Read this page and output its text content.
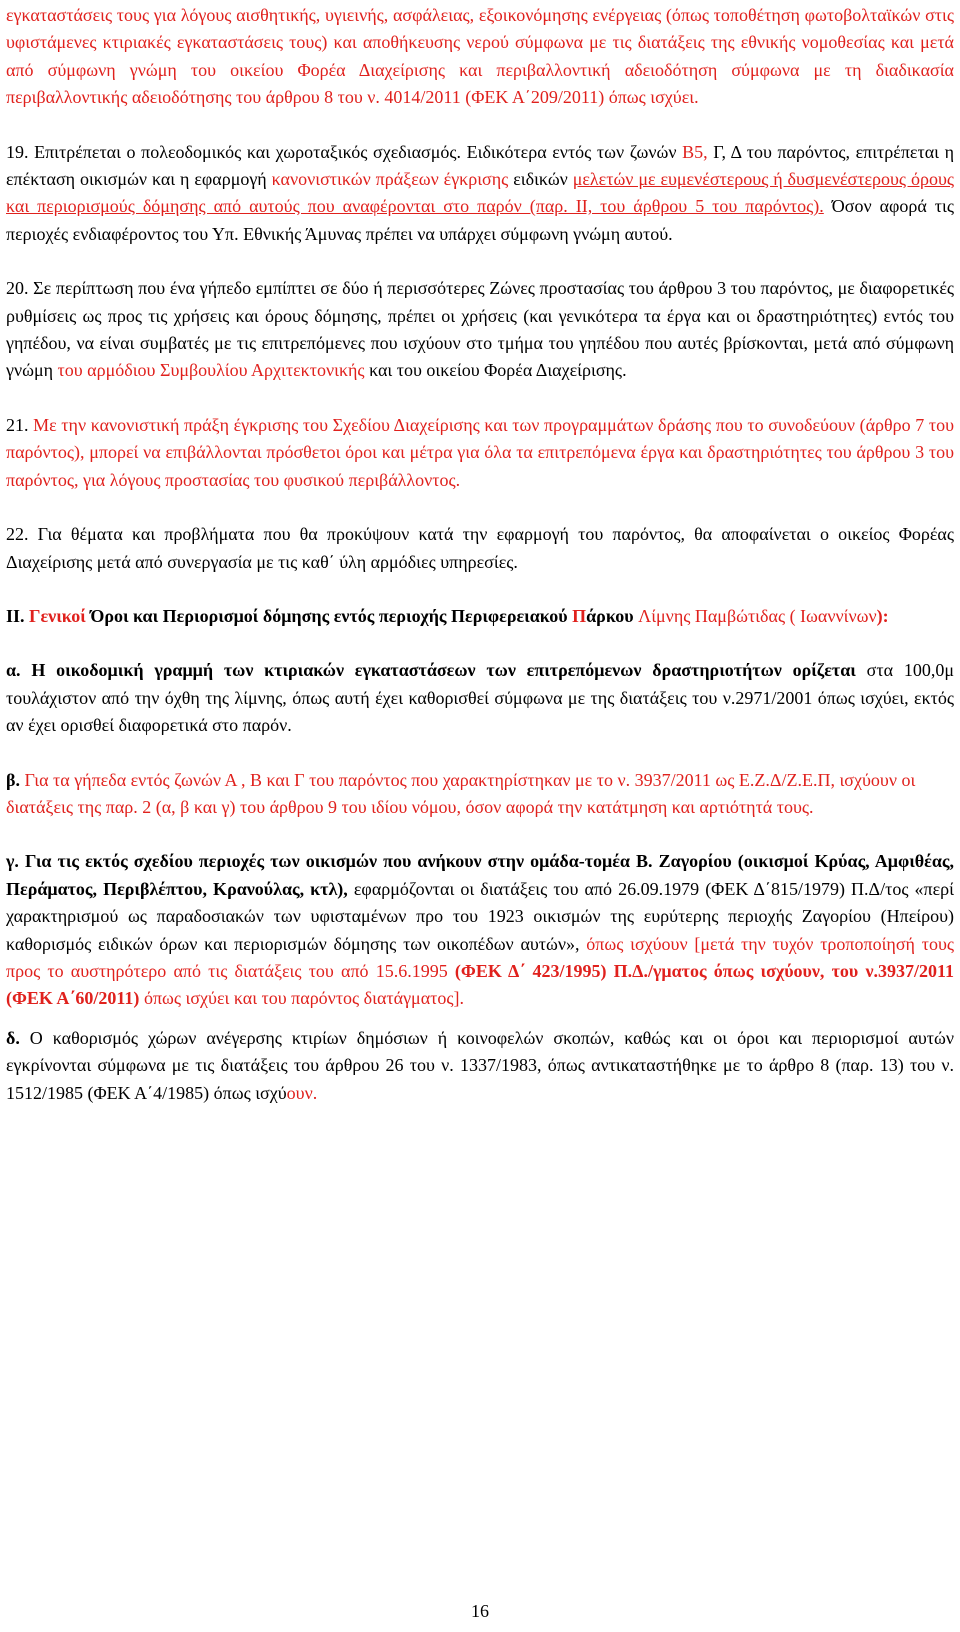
εγκαταστάσεις τους για λόγους αισθητικής, υγιεινής, ασφάλειας, εξοικονόμησης ενέργειας (όπως τοποθέτηση φωτοβολταϊκών στις υφιστάμενες κτιριακές εγκαταστάσεις τους) και αποθήκευσης νερού σύμφωνα με τις διατάξεις της εθνικής νομοθεσίας και μετά από σύμφωνη γνώμη του οικείου Φορέα Διαχείρισης και περιβαλλοντική αδειοδότηση σύμφωνα με τη διαδικασία περιβαλλοντικής αδειοδότησης του άρθρου 8 του ν. 4014/2011 (ΦΕΚ Α΄209/2011) όπως ισχύει.

19. Επιτρέπεται ο πολεοδομικός και χωροταξικός σχεδιασμός. Ειδικότερα εντός των ζωνών Β5, Γ, Δ του παρόντος, επιτρέπεται η επέκταση οικισμών και η εφαρμογή κανονιστικών πράξεων έγκρισης ειδικών μελετών με ευμενέστερους ή δυσμενέστερους όρους και περιορισμούς δόμησης από αυτούς που αναφέρονται στο παρόν (παρ. ΙΙ, του άρθρου 5 του παρόντος). Όσον αφορά τις περιοχές ενδιαφέροντος του Υπ. Εθνικής Άμυνας πρέπει να υπάρχει σύμφωνη γνώμη αυτού.

20. Σε περίπτωση που ένα γήπεδο εμπίπτει σε δύο ή περισσότερες Ζώνες προστασίας του άρθρου 3 του παρόντος, με διαφορετικές ρυθμίσεις ως προς τις χρήσεις και όρους δόμησης, πρέπει οι χρήσεις (και γενικότερα τα έργα και οι δραστηριότητες) εντός του γηπέδου, να είναι συμβατές με τις επιτρεπόμενες που ισχύουν στο τμήμα του γηπέδου που αυτές βρίσκονται, μετά από σύμφωνη γνώμη του αρμόδιου Συμβουλίου Αρχιτεκτονικής και του οικείου Φορέα Διαχείρισης.

21. Με την κανονιστική πράξη έγκρισης του Σχεδίου Διαχείρισης και των προγραμμάτων δράσης που το συνοδεύουν (άρθρο 7 του παρόντος), μπορεί να επιβάλλονται πρόσθετοι όροι και μέτρα για όλα τα επιτρεπόμενα έργα και δραστηριότητες του άρθρου 3 του παρόντος, για λόγους προστασίας του φυσικού περιβάλλοντος.

22. Για θέματα και προβλήματα που θα προκύψουν κατά την εφαρμογή του παρόντος, θα αποφαίνεται ο οικείος Φορέας Διαχείρισης μετά από συνεργασία με τις καθ΄ ύλη αρμόδιες υπηρεσίες.

ΙΙ. Γενικοί Όροι και Περιορισμοί δόμησης εντός περιοχής Περιφερειακού Πάρκου Λίμνης Παμβώτιδας ( Ιωαννίνων):

α. Η οικοδομική γραμμή των κτιριακών εγκαταστάσεων των επιτρεπόμενων δραστηριοτήτων ορίζεται στα 100,0μ τουλάχιστον από την όχθη της λίμνης, όπως αυτή έχει καθορισθεί σύμφωνα με της διατάξεις του ν.2971/2001 όπως ισχύει, εκτός αν έχει ορισθεί διαφορετικά στο παρόν.

β. Για τα γήπεδα εντός ζωνών Α , Β και Γ του παρόντος που χαρακτηρίστηκαν με το ν. 3937/2011 ως Ε.Ζ.Δ/Ζ.Ε.Π, ισχύουν οι διατάξεις της παρ. 2 (α, β και γ) του άρθρου 9 του ιδίου νόμου, όσον αφορά την κατάτμηση και αρτιότητά τους.

γ. Για τις εκτός σχεδίου περιοχές των οικισμών που ανήκουν στην ομάδα-τομέα Β. Ζαγορίου (οικισμοί Κρύας, Αμφιθέας, Περάματος, Περιβλέπτου, Κρανούλας, κτλ), εφαρμόζονται οι διατάξεις του από 26.09.1979 (ΦΕΚ Δ΄815/1979) Π.Δ/τος «περί χαρακτηρισμού ως παραδοσιακών των υφισταμένων προ του 1923 οικισμών της ευρύτερης περιοχής Ζαγορίου (Ηπείρου) καθορισμός ειδικών όρων και περιορισμών δόμησης των οικοπέδων αυτών», όπως ισχύουν [μετά την τυχόν τροποποίησή τους προς το αυστηρότερο από τις διατάξεις του από 15.6.1995 (ΦΕΚ Δ΄ 423/1995) Π.Δ./γματος όπως ισχύουν, του ν.3937/2011 (ΦΕΚ Α΄60/2011) όπως ισχύει και του παρόντος διατάγματος].

δ. Ο καθορισμός χώρων ανέγερσης κτιρίων δημόσιων ή κοινοφελών σκοπών, καθώς και οι όροι και περιορισμοί αυτών εγκρίνονται σύμφωνα με τις διατάξεις του άρθρου 26 του ν. 1337/1983, όπως αντικαταστήθηκε με το άρθρο 8 (παρ. 13) του ν. 1512/1985 (ΦΕΚ Α΄4/1985) όπως ισχύουν.

16
